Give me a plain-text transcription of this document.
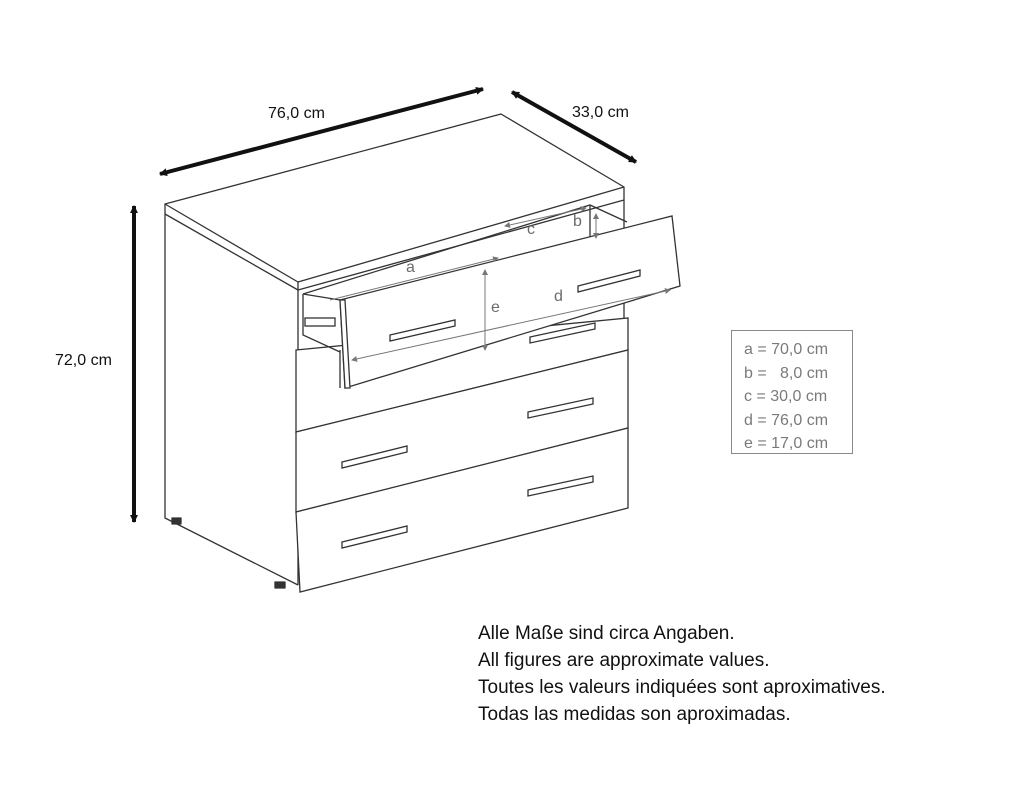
76,0 cm	33,0 cm
72,0 cm
a
b
c
d
e
a = 70,0 cm
b =   8,0 cm
c = 30,0 cm
d = 76,0 cm
e = 17,0 cm
Alle Maße sind circa Angaben.
All figures are approximate values.
Toutes les valeurs indiquées sont aproximatives.
Todas las medidas son aproximadas.
